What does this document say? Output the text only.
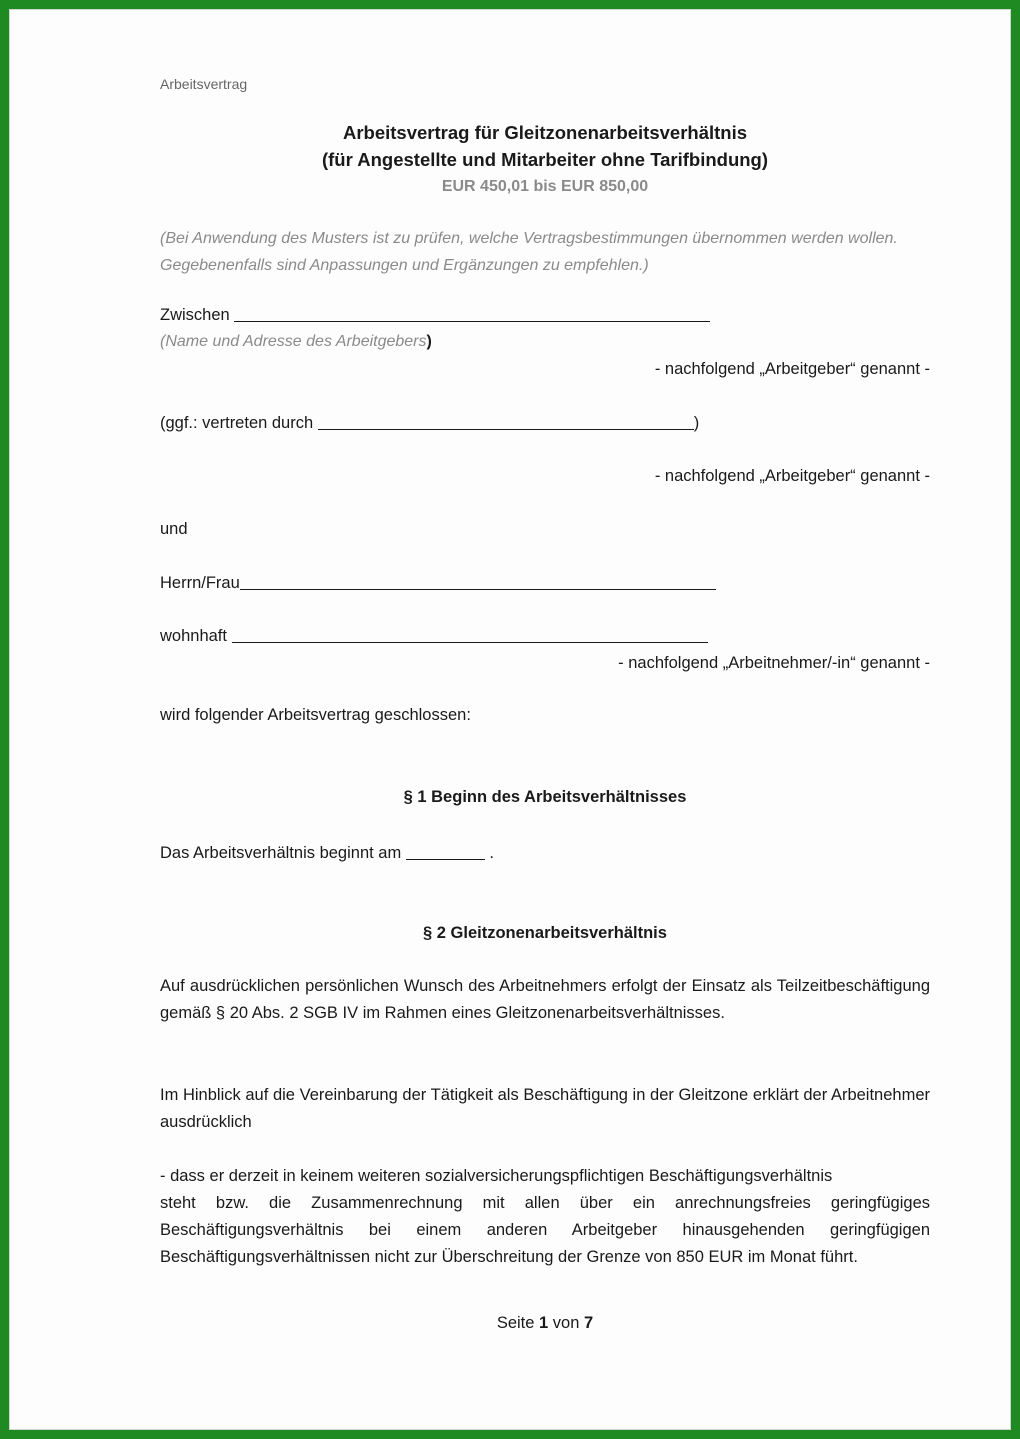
Arbeitsvertrag

Arbeitsvertrag für Gleitzonenarbeitsverhältnis

(für Angestellte und Mitarbeiter ohne Tarifbindung)

EUR 450,01 bis EUR 850,00

(Bei Anwendung des Musters ist zu prüfen, welche Vertragsbestimmungen übernommen werden wollen. Gegebenenfalls sind Anpassungen und Ergänzungen zu empfehlen.)

Zwischen

(Name und Adresse des Arbeitgebers)

- nachfolgend „Arbeitgeber“ genannt -

(ggf.: vertreten durch	)

- nachfolgend „Arbeitgeber“ genannt -

und

Herrn/Frau

wohnhaft

- nachfolgend „Arbeitnehmer/-in“ genannt -

wird folgender Arbeitsvertrag geschlossen:

§ 1 Beginn des Arbeitsverhältnisses

Das Arbeitsverhältnis beginnt am	.

§ 2 Gleitzonenarbeitsverhältnis

Auf ausdrücklichen persönlichen Wunsch des Arbeitnehmers erfolgt der Einsatz als Teilzeitbeschäftigung gemäß § 20 Abs. 2 SGB IV im Rahmen eines Gleitzonenarbeitsverhältnisses.

Im Hinblick auf die Vereinbarung der Tätigkeit als Beschäftigung in der Gleitzone erklärt der Arbeitnehmer ausdrücklich

- dass er derzeit in keinem weiteren sozialversicherungspflichtigen Beschäftigungsverhältnis

steht bzw. die Zusammenrechnung mit allen über ein anrechnungsfreies geringfügiges Beschäftigungsverhältnis bei einem anderen Arbeitgeber hinausgehenden geringfügigen Beschäftigungsverhältnissen nicht zur Überschreitung der Grenze von 850 EUR im Monat führt.

Seite 1 von 7
